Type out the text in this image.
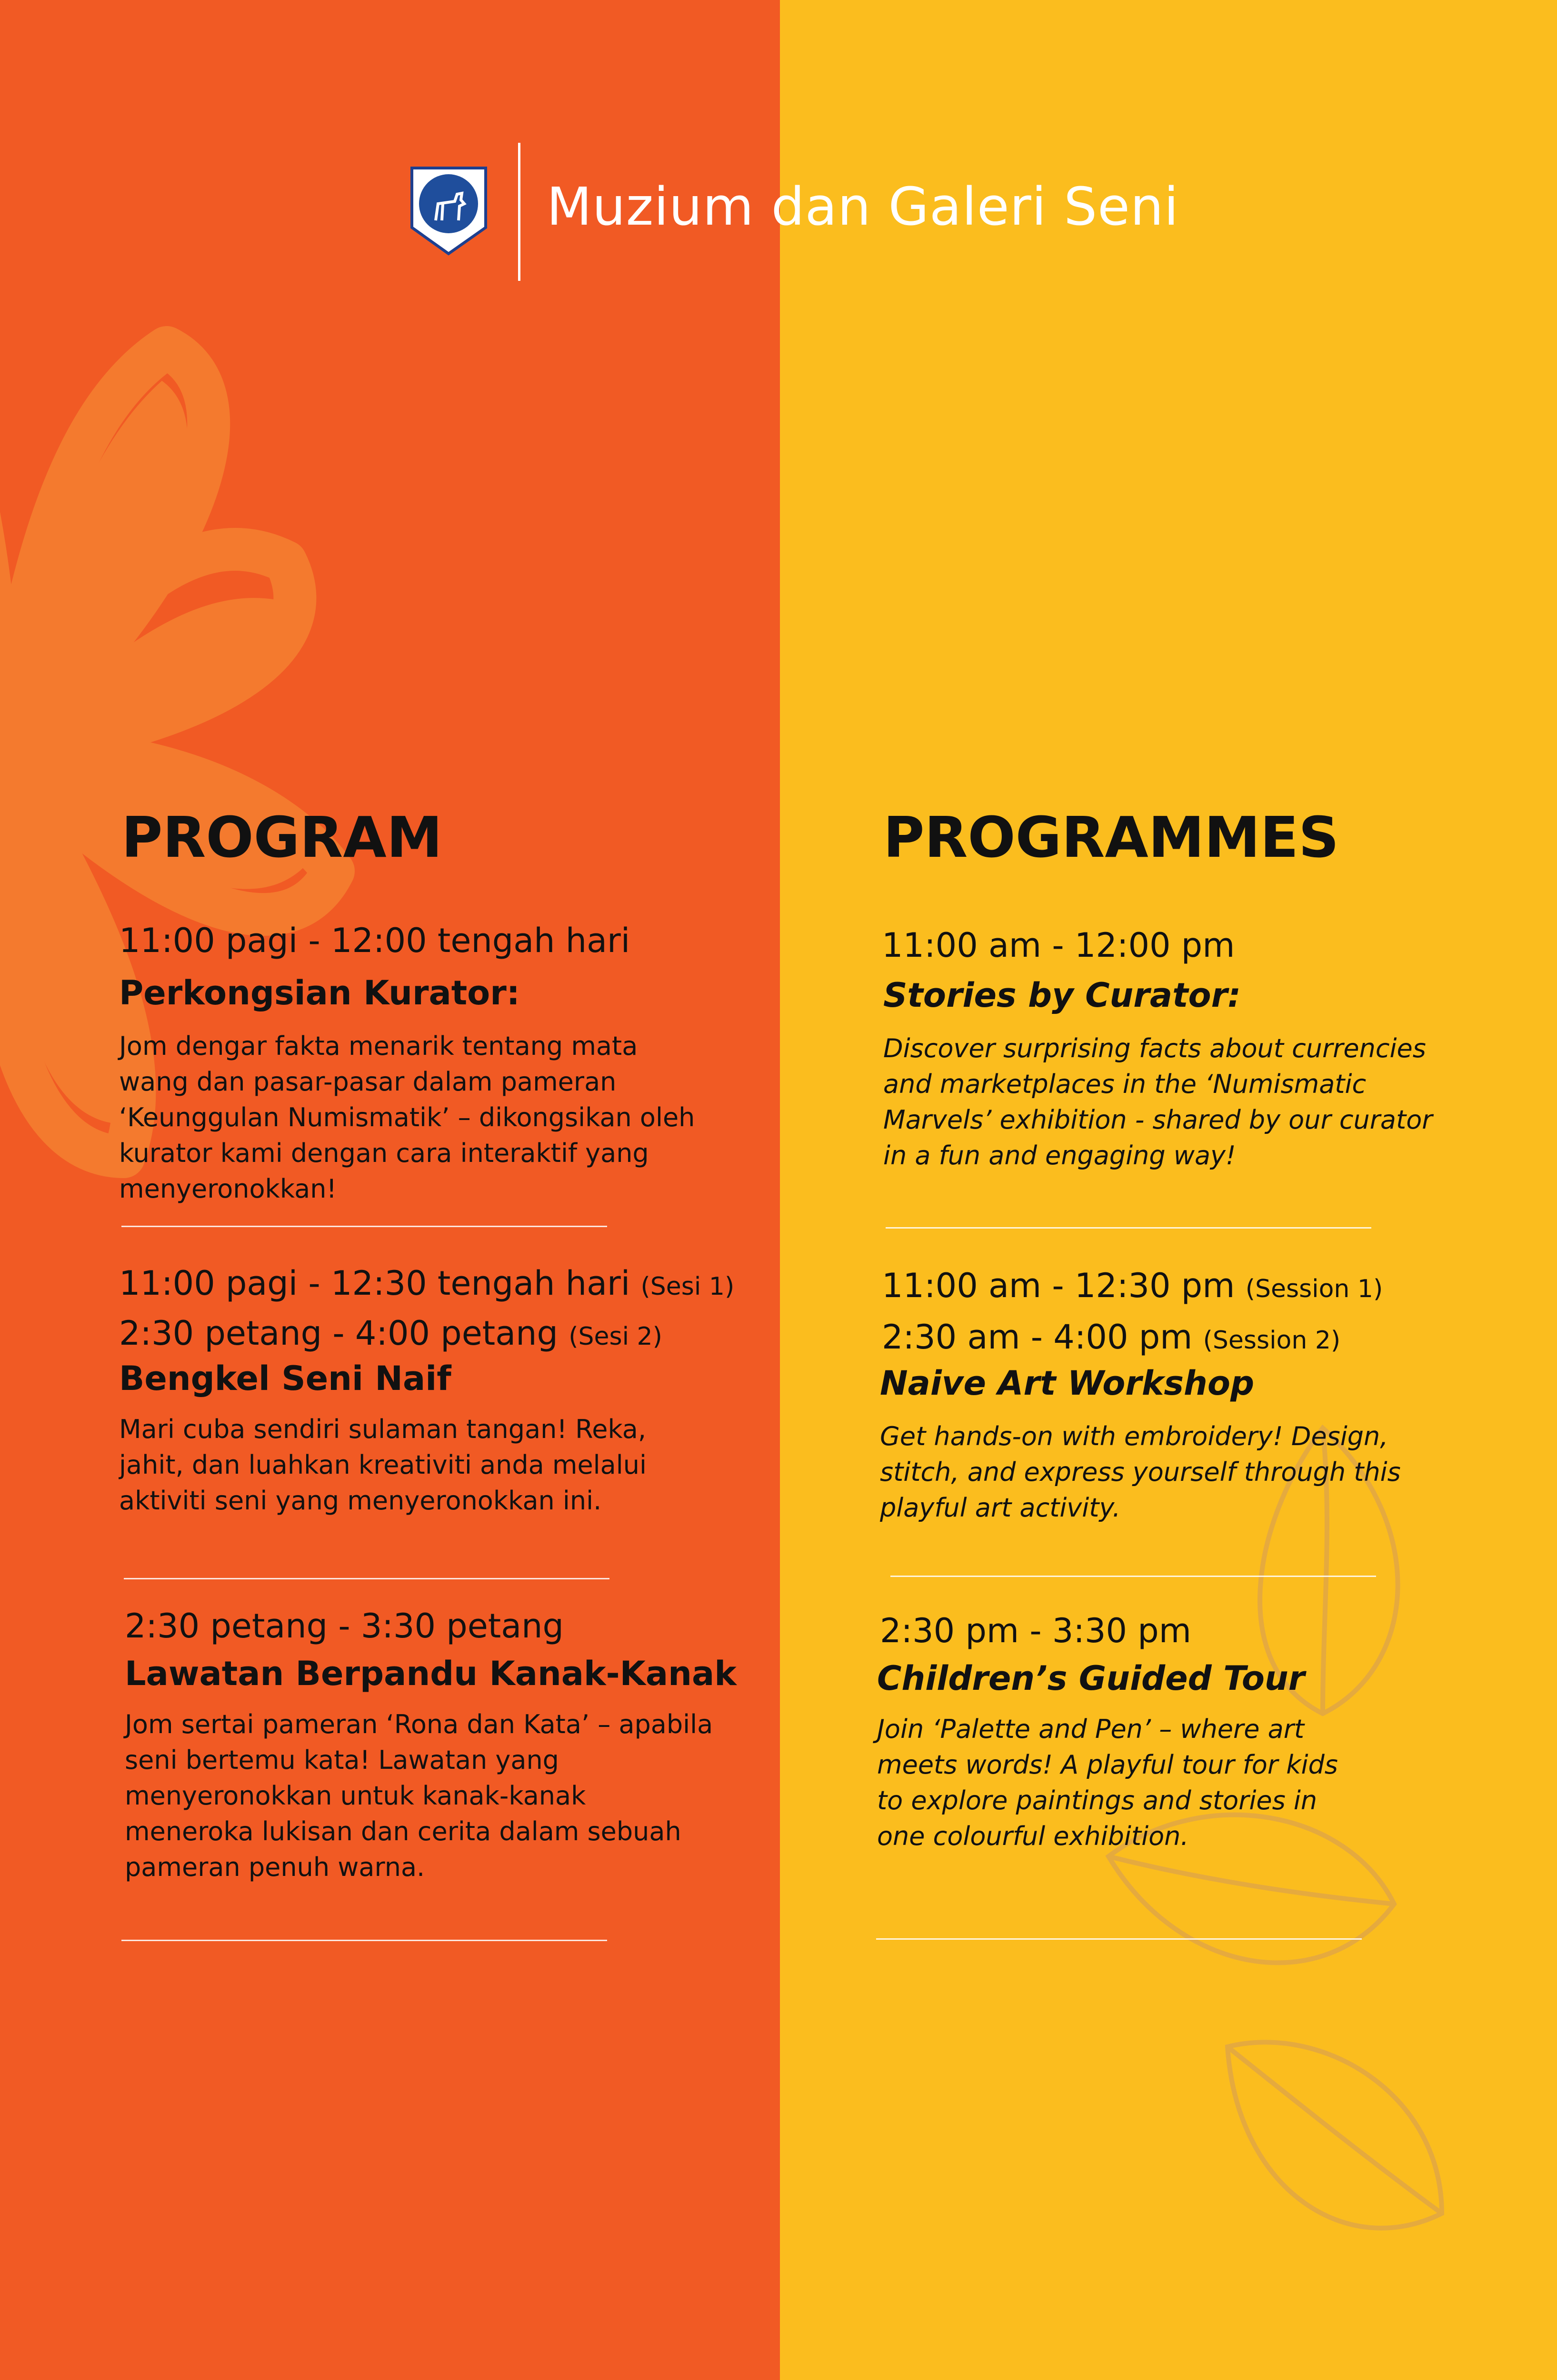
Muzium dan Galeri Seni
PROGRAM
11:00 pagi - 12:00 tengah hari
Perkongsian Kurator:
Jom dengar fakta menarik tentang mata wang dan pasar-pasar dalam pameran ‘Keunggulan Numismatik’ – dikongsikan oleh kurator kami dengan cara interaktif yang menyeronokkan!
11:00 pagi - 12:30 tengah hari (Sesi 1)
2:30 petang - 4:00 petang (Sesi 2)
Bengkel Seni Naif
Mari cuba sendiri sulaman tangan! Reka, jahit, dan luahkan kreativiti anda melalui aktiviti seni yang menyeronokkan ini.
2:30 petang - 3:30 petang
Lawatan Berpandu Kanak-Kanak
Jom sertai pameran ‘Rona dan Kata’ – apabila seni bertemu kata! Lawatan yang menyeronokkan untuk kanak-kanak meneroka lukisan dan cerita dalam sebuah pameran penuh warna.
PROGRAMMES
11:00 am - 12:00 pm
Stories by Curator:
Discover surprising facts about currencies and marketplaces in the ‘Numismatic Marvels’ exhibition - shared by our curator in a fun and engaging way!
11:00 am - 12:30 pm (Session 1)
2:30 am - 4:00 pm (Session 2)
Naive Art Workshop
Get hands-on with embroidery! Design, stitch, and express yourself through this playful art activity.
2:30 pm - 3:30 pm
Children’s Guided Tour
Join ‘Palette and Pen’ – where art meets words! A playful tour for kids to explore paintings and stories in one colourful exhibition.
